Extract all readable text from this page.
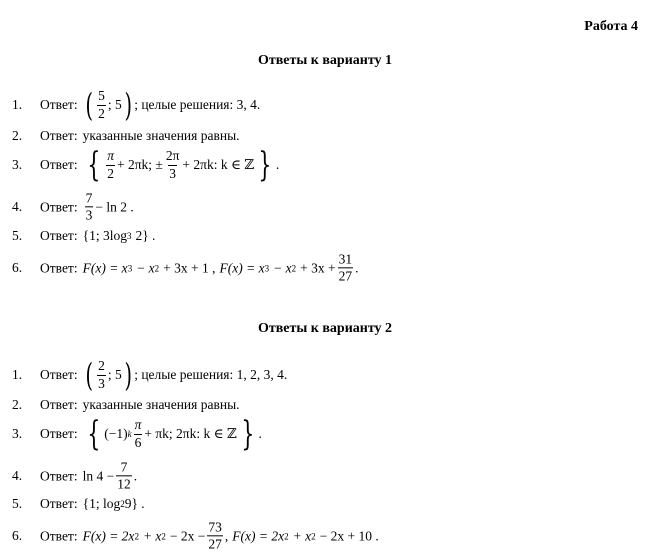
Работа 4
Ответы к варианту 1
1. Ответ: ( $\frac{5}{2}$ ; 5 ) ; целые решения: 3, 4.
2. Ответ: указанные значения равны.
3. Ответ: { $\frac{\pi}{2} + 2\pi k$; ± $\frac{2\pi}{3} + 2\pi k$: k ∈ ℤ } .
4. Ответ: $\frac{7}{3} - \ln 2$ .
5. Ответ: {1; 3log 3 2} .
6. Ответ: F(x) = x 3 − x 2 + 3x + 1 , F(x) = x 3 − x $2 + 3x + \frac{31}{27}$ .
Ответы к варианту 2
1. Ответ: ( $\frac{2}{3}$ ; 5 ) ; целые решения: 1, 2, 3, 4.
2. Ответ: указанные значения равны.
3. Ответ: { (−1) k $\frac{\pi}{6} + \pi k$; 2πk: k ∈ ℤ } .
4. Ответ: $\ln 4 - \frac{7}{12}$ .
5. Ответ: {1; log 2 9} .
6. Ответ: F(x) = 2x 2 + x $2 - 2x - \frac{73}{27}$ , F(x) = 2x 2 + x 2 − 2x + 10 .
